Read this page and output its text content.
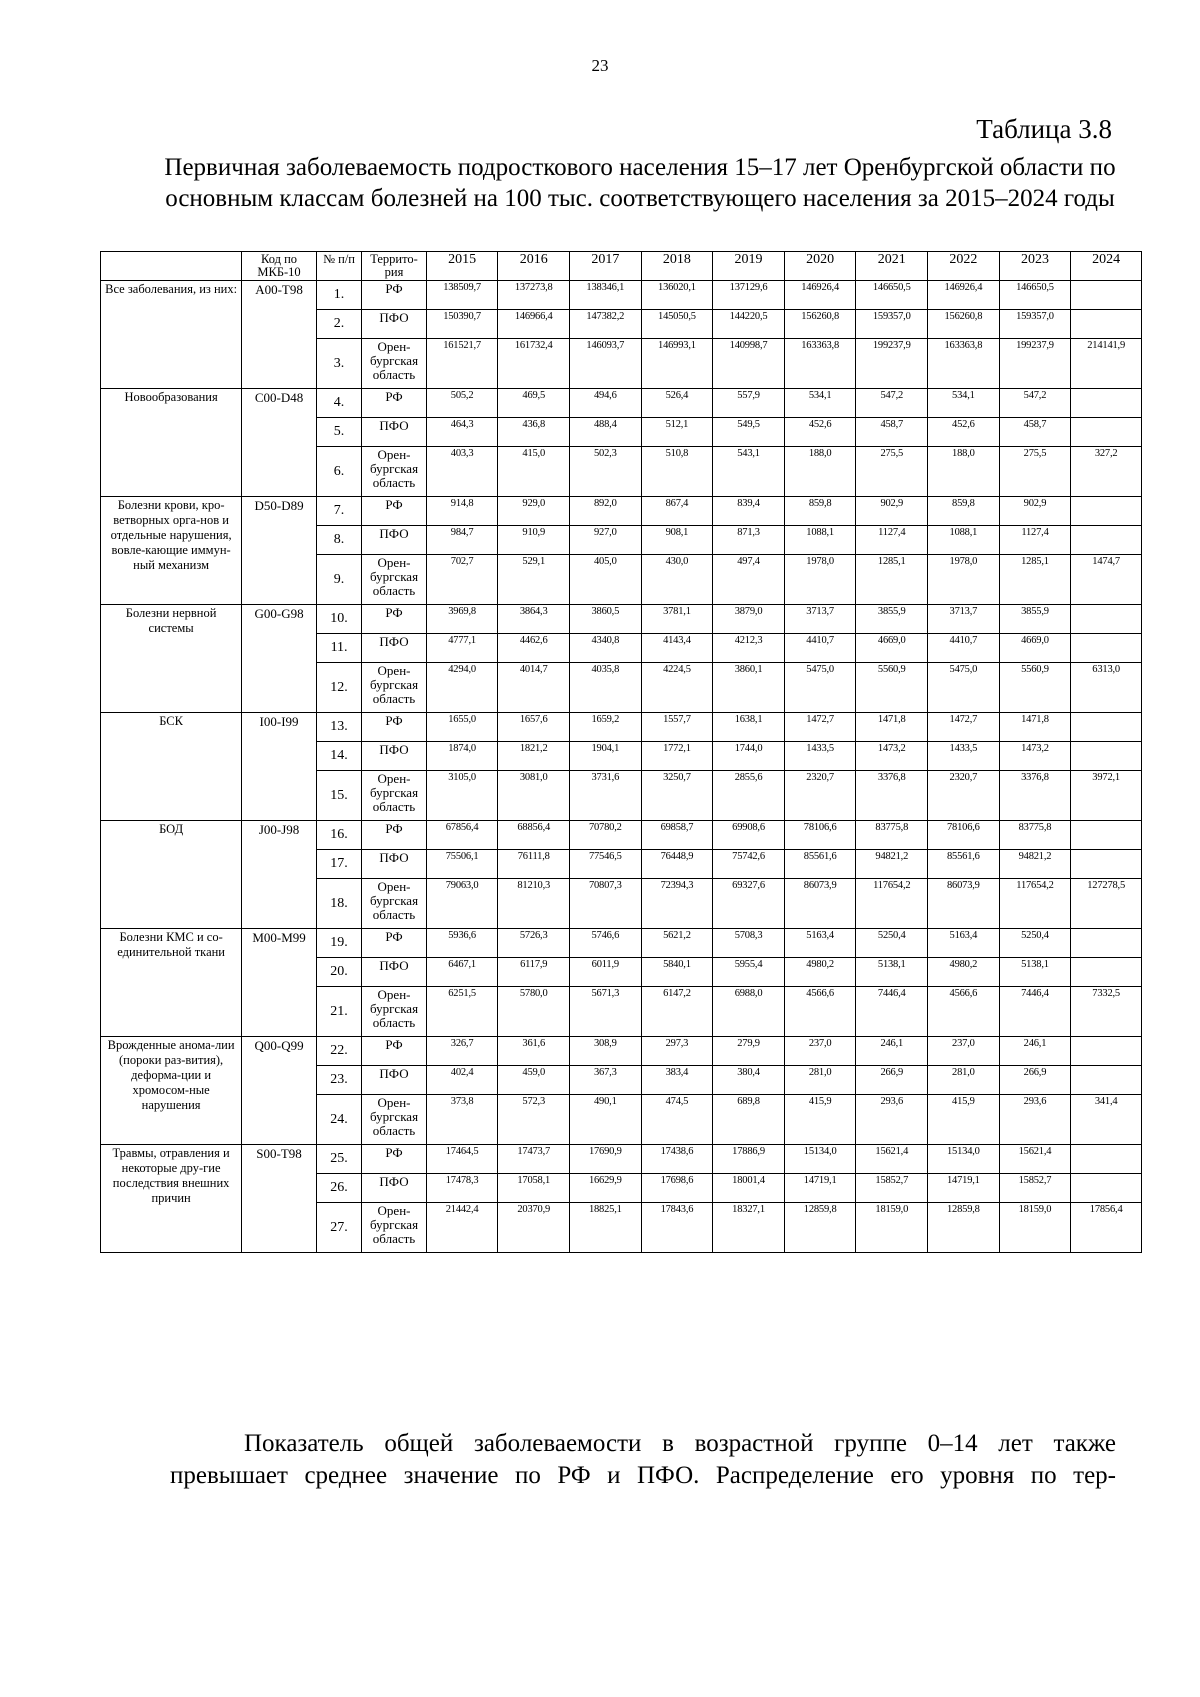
23
Таблица 3.8
Первичная заболеваемость подросткового населения 15–17 лет Оренбургской области по основным классам болезней на 100 тыс. соответствующего населения за 2015–2024 годы
	Код по МКБ-10	№ п/п	Террито-рия	2015	2016	2017	2018	2019	2020	2021	2022	2023	2024
Все заболевания, из них:	A00-T98	1.	РФ	138509,7	137273,8	138346,1	136020,1	137129,6	146926,4	146650,5	146926,4	146650,5	
		2.	ПФО	150390,7	146966,4	147382,2	145050,5	144220,5	156260,8	159357,0	156260,8	159357,0	
		3.	Орен-бургская область	161521,7	161732,4	146093,7	146993,1	140998,7	163363,8	199237,9	163363,8	199237,9	214141,9
Новообразования	C00-D48	4.	РФ	505,2	469,5	494,6	526,4	557,9	534,1	547,2	534,1	547,2	
		5.	ПФО	464,3	436,8	488,4	512,1	549,5	452,6	458,7	452,6	458,7	
		6.	Орен-бургская область	403,3	415,0	502,3	510,8	543,1	188,0	275,5	188,0	275,5	327,2
Болезни крови, кро-ветворных орга-нов и отдельные нарушения, вовле-кающие иммун-ный механизм	D50-D89	7.	РФ	914,8	929,0	892,0	867,4	839,4	859,8	902,9	859,8	902,9	
		8.	ПФО	984,7	910,9	927,0	908,1	871,3	1088,1	1127,4	1088,1	1127,4	
		9.	Орен-бургская область	702,7	529,1	405,0	430,0	497,4	1978,0	1285,1	1978,0	1285,1	1474,7
Болезни нервной системы	G00-G98	10.	РФ	3969,8	3864,3	3860,5	3781,1	3879,0	3713,7	3855,9	3713,7	3855,9	
		11.	ПФО	4777,1	4462,6	4340,8	4143,4	4212,3	4410,7	4669,0	4410,7	4669,0	
		12.	Орен-бургская область	4294,0	4014,7	4035,8	4224,5	3860,1	5475,0	5560,9	5475,0	5560,9	6313,0
БСК	I00-I99	13.	РФ	1655,0	1657,6	1659,2	1557,7	1638,1	1472,7	1471,8	1472,7	1471,8	
		14.	ПФО	1874,0	1821,2	1904,1	1772,1	1744,0	1433,5	1473,2	1433,5	1473,2	
		15.	Орен-бургская область	3105,0	3081,0	3731,6	3250,7	2855,6	2320,7	3376,8	2320,7	3376,8	3972,1
БОД	J00-J98	16.	РФ	67856,4	68856,4	70780,2	69858,7	69908,6	78106,6	83775,8	78106,6	83775,8	
		17.	ПФО	75506,1	76111,8	77546,5	76448,9	75742,6	85561,6	94821,2	85561,6	94821,2	
		18.	Орен-бургская область	79063,0	81210,3	70807,3	72394,3	69327,6	86073,9	117654,2	86073,9	117654,2	127278,5
Болезни КМС и со-единительной ткани	M00-M99	19.	РФ	5936,6	5726,3	5746,6	5621,2	5708,3	5163,4	5250,4	5163,4	5250,4	
		20.	ПФО	6467,1	6117,9	6011,9	5840,1	5955,4	4980,2	5138,1	4980,2	5138,1	
		21.	Орен-бургская область	6251,5	5780,0	5671,3	6147,2	6988,0	4566,6	7446,4	4566,6	7446,4	7332,5
Врожденные анома-лии (пороки раз-вития), деформа-ции и хромосом-ные нарушения	Q00-Q99	22.	РФ	326,7	361,6	308,9	297,3	279,9	237,0	246,1	237,0	246,1	
		23.	ПФО	402,4	459,0	367,3	383,4	380,4	281,0	266,9	281,0	266,9	
		24.	Орен-бургская область	373,8	572,3	490,1	474,5	689,8	415,9	293,6	415,9	293,6	341,4
Травмы, отравления и некоторые дру-гие последствия внешних причин	S00-T98	25.	РФ	17464,5	17473,7	17690,9	17438,6	17886,9	15134,0	15621,4	15134,0	15621,4	
		26.	ПФО	17478,3	17058,1	16629,9	17698,6	18001,4	14719,1	15852,7	14719,1	15852,7	
		27.	Орен-бургская область	21442,4	20370,9	18825,1	17843,6	18327,1	12859,8	18159,0	12859,8	18159,0	17856,4
Показатель общей заболеваемости в возрастной группе 0–14 лет также
превышает среднее значение по РФ и ПФО. Распределение его уровня по тер-
